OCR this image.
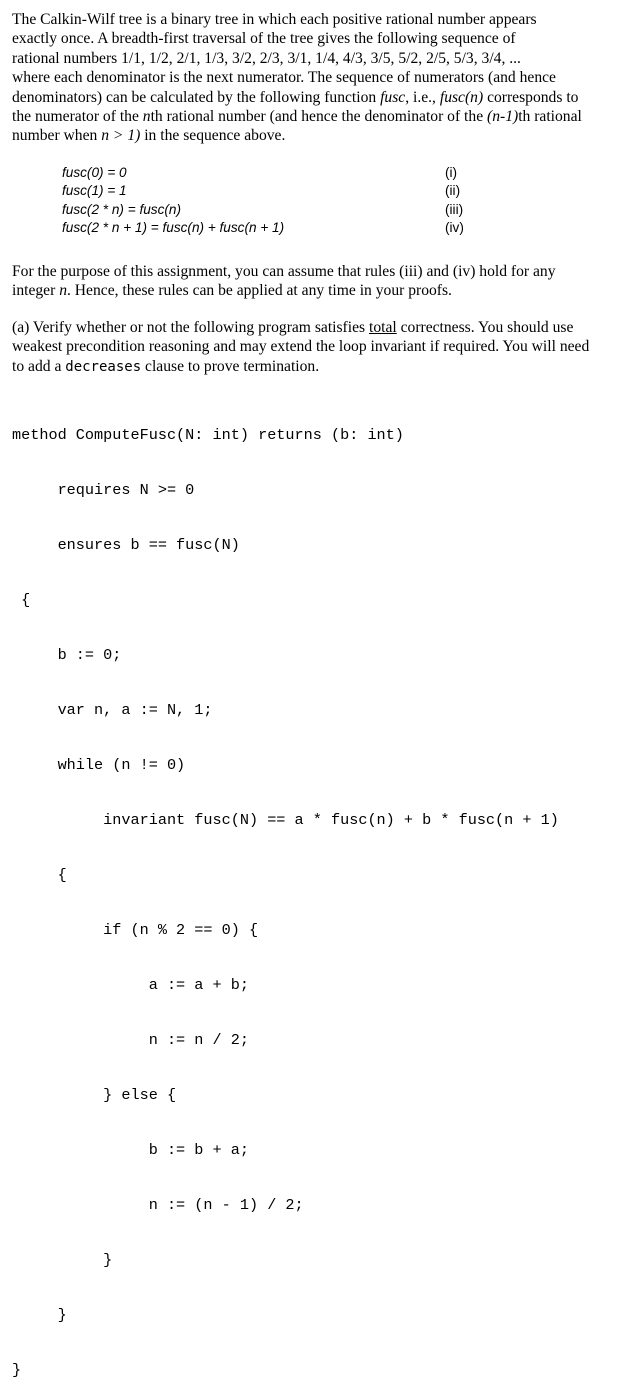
The Calkin-Wilf tree is a binary tree in which each positive rational number appears
exactly once. A breadth-first traversal of the tree gives the following sequence of
rational numbers 1/1, 1/2, 2/1, 1/3, 3/2, 2/3, 3/1, 1/4, 4/3, 3/5, 5/2, 2/5, 5/3, 3/4, ...
where each denominator is the next numerator. The sequence of numerators (and hence
denominators) can be calculated by the following function fusc, i.e., fusc(n) corresponds to
the numerator of the nth rational number (and hence the denominator of the (n-1)th rational
number when n > 1) in the sequence above.
fusc(0) = 0	(i)
fusc(1) = 1	(ii)
fusc(2 * n) = fusc(n)	(iii)
fusc(2 * n + 1) = fusc(n) + fusc(n + 1)	(iv)
For the purpose of this assignment, you can assume that rules (iii) and (iv) hold for any
integer n. Hence, these rules can be applied at any time in your proofs.
(a) Verify whether or not the following program satisfies total correctness. You should use
weakest precondition reasoning and may extend the loop invariant if required. You will need
to add a decreases clause to prove termination.

method ComputeFusc(N: int) returns (b: int)

requires N >= 0

ensures b == fusc(N)

{

b := 0;

var n, a := N, 1;

while (n != 0)

invariant fusc(N) == a * fusc(n) + b * fusc(n + 1)

{

if (n % 2 == 0) {

a := a + b;

n := n / 2;

} else {

b := b + a;

n := (n - 1) / 2;

}

}

}
